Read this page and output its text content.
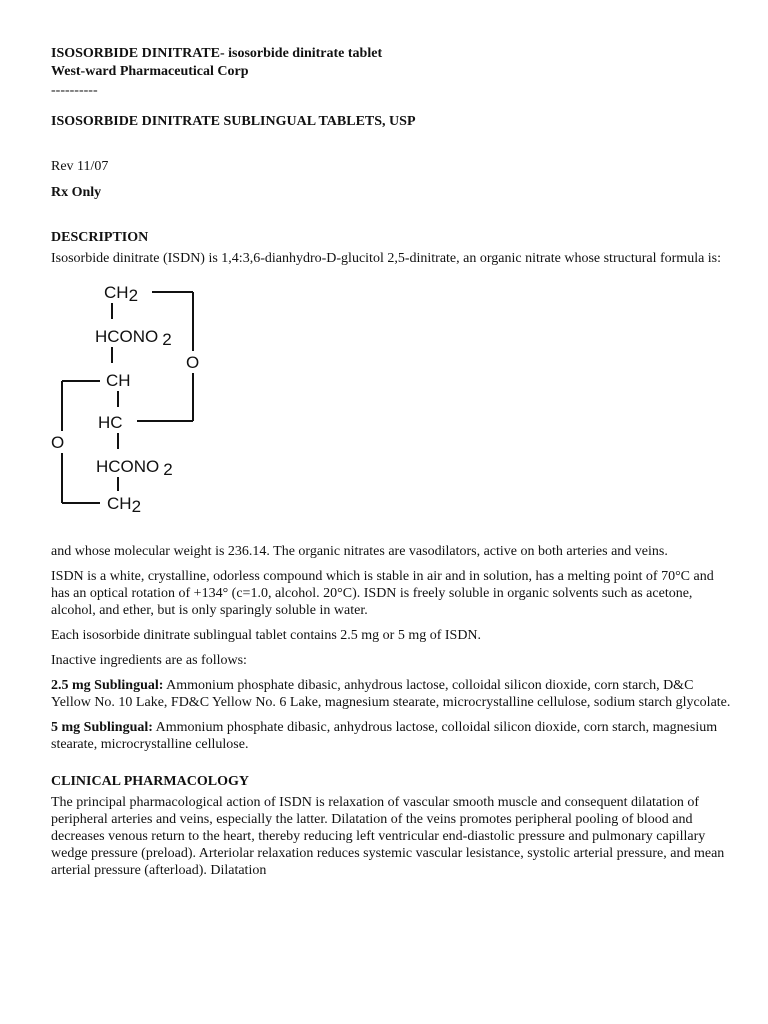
ISOSORBIDE DINITRATE- isosorbide dinitrate tablet
West-ward Pharmaceutical Corp
----------
ISOSORBIDE DINITRATE SUBLINGUAL TABLETS, USP
Rev 11/07
Rx Only
DESCRIPTION

Isosorbide dinitrate (ISDN) is 1,4:3,6-dianhydro-D-glucitol 2,5-dinitrate, an organic nitrate whose structural formula is:

CH2
HCONO 2
O
CH
HC
O
HCONO 2
CH2

and whose molecular weight is 236.14. The organic nitrates are vasodilators, active on both arteries and veins.

ISDN is a white, crystalline, odorless compound which is stable in air and in solution, has a melting point of 70°C and has an optical rotation of +134° (c=1.0, alcohol. 20°C). ISDN is freely soluble in organic solvents such as acetone, alcohol, and ether, but is only sparingly soluble in water.

Each isosorbide dinitrate sublingual tablet contains 2.5 mg or 5 mg of ISDN.

Inactive ingredients are as follows:

2.5 mg Sublingual: Ammonium phosphate dibasic, anhydrous lactose, colloidal silicon dioxide, corn starch, D&C Yellow No. 10 Lake, FD&C Yellow No. 6 Lake, magnesium stearate, microcrystalline cellulose, sodium starch glycolate.

5 mg Sublingual: Ammonium phosphate dibasic, anhydrous lactose, colloidal silicon dioxide, corn starch, magnesium stearate, microcrystalline cellulose.

CLINICAL PHARMACOLOGY

The principal pharmacological action of ISDN is relaxation of vascular smooth muscle and consequent dilatation of peripheral arteries and veins, especially the latter. Dilatation of the veins promotes peripheral pooling of blood and decreases venous return to the heart, thereby reducing left ventricular end-diastolic pressure and pulmonary capillary wedge pressure (preload). Arteriolar relaxation reduces systemic vascular lesistance, systolic arterial pressure, and mean arterial pressure (afterload). Dilatation
